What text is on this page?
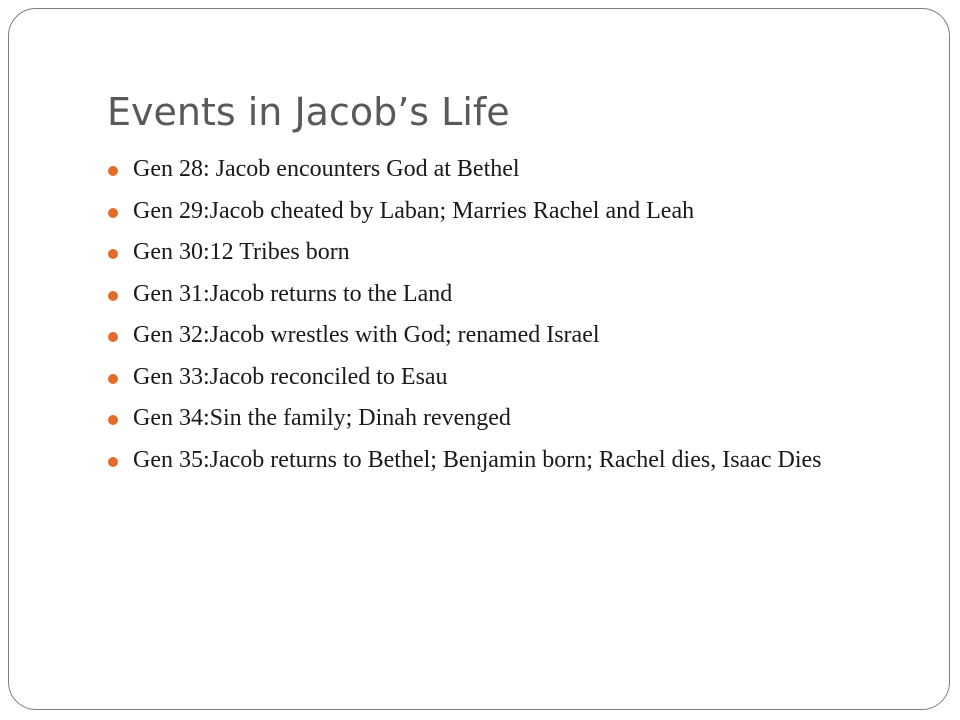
Events in Jacob’s Life
Gen 28: Jacob encounters God at Bethel
Gen 29:Jacob cheated by Laban; Marries Rachel and Leah
Gen 30:12 Tribes born
Gen 31:Jacob returns to the Land
Gen 32:Jacob wrestles with God; renamed Israel
Gen 33:Jacob reconciled to Esau
Gen 34:Sin the family; Dinah revenged
Gen 35:Jacob returns to Bethel; Benjamin born; Rachel dies, Isaac Dies
